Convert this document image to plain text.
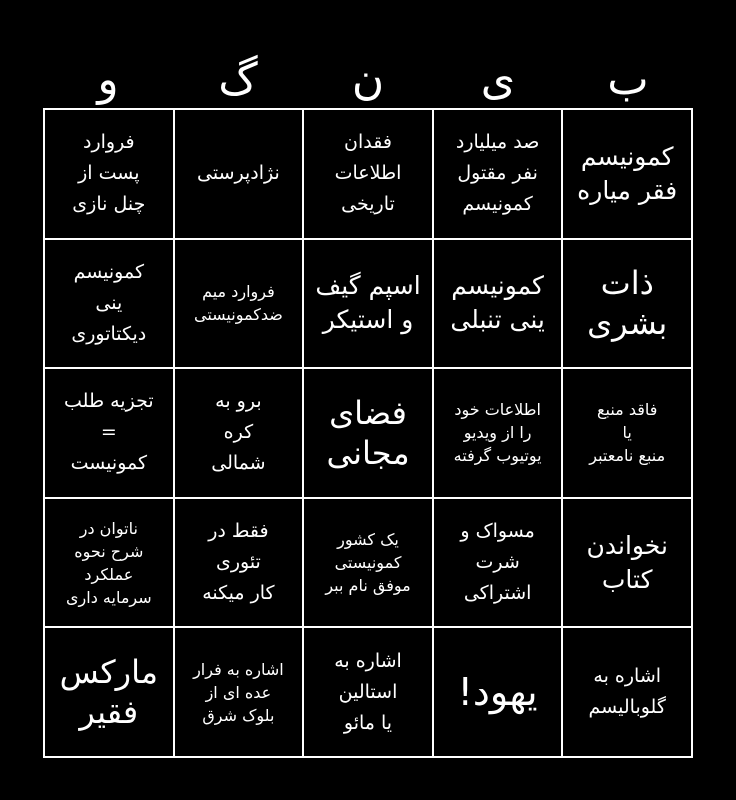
ب
ی
ن
گ
و
کمونیسم
فقر میاره
صد میلیارد
نفر مقتول
کمونیسم
فقدان
اطلاعات
تاریخی
نژادپرستی
فروارد
پست از
چنل نازی
ذات
بشری
کمونیسم
ینی تنبلی
اسپم گیف
و استیکر
فروارد میم
ضدکمونیستی
کمونیسم
ینی
دیکتاتوری
فاقد منبع
یا
منبع نامعتبر
اطلاعات خود
را از ویدیو
یوتیوب گرفته
فضای
مجانی
برو به
کره
شمالی
تجزیه طلب
=
کمونیست
نخواندن
کتاب
مسواک و
شرت
اشتراکی
یک کشور
کمونیستی
موفق نام ببر
فقط در
تئوری
کار میکنه
ناتوان در
شرح نحوه
عملکرد
سرمایه داری
اشاره به
گلوبالیسم
یهود!
اشاره به
استالین
یا مائو
اشاره به فرار
عده ای از
بلوک شرق
مارکس
فقیر
